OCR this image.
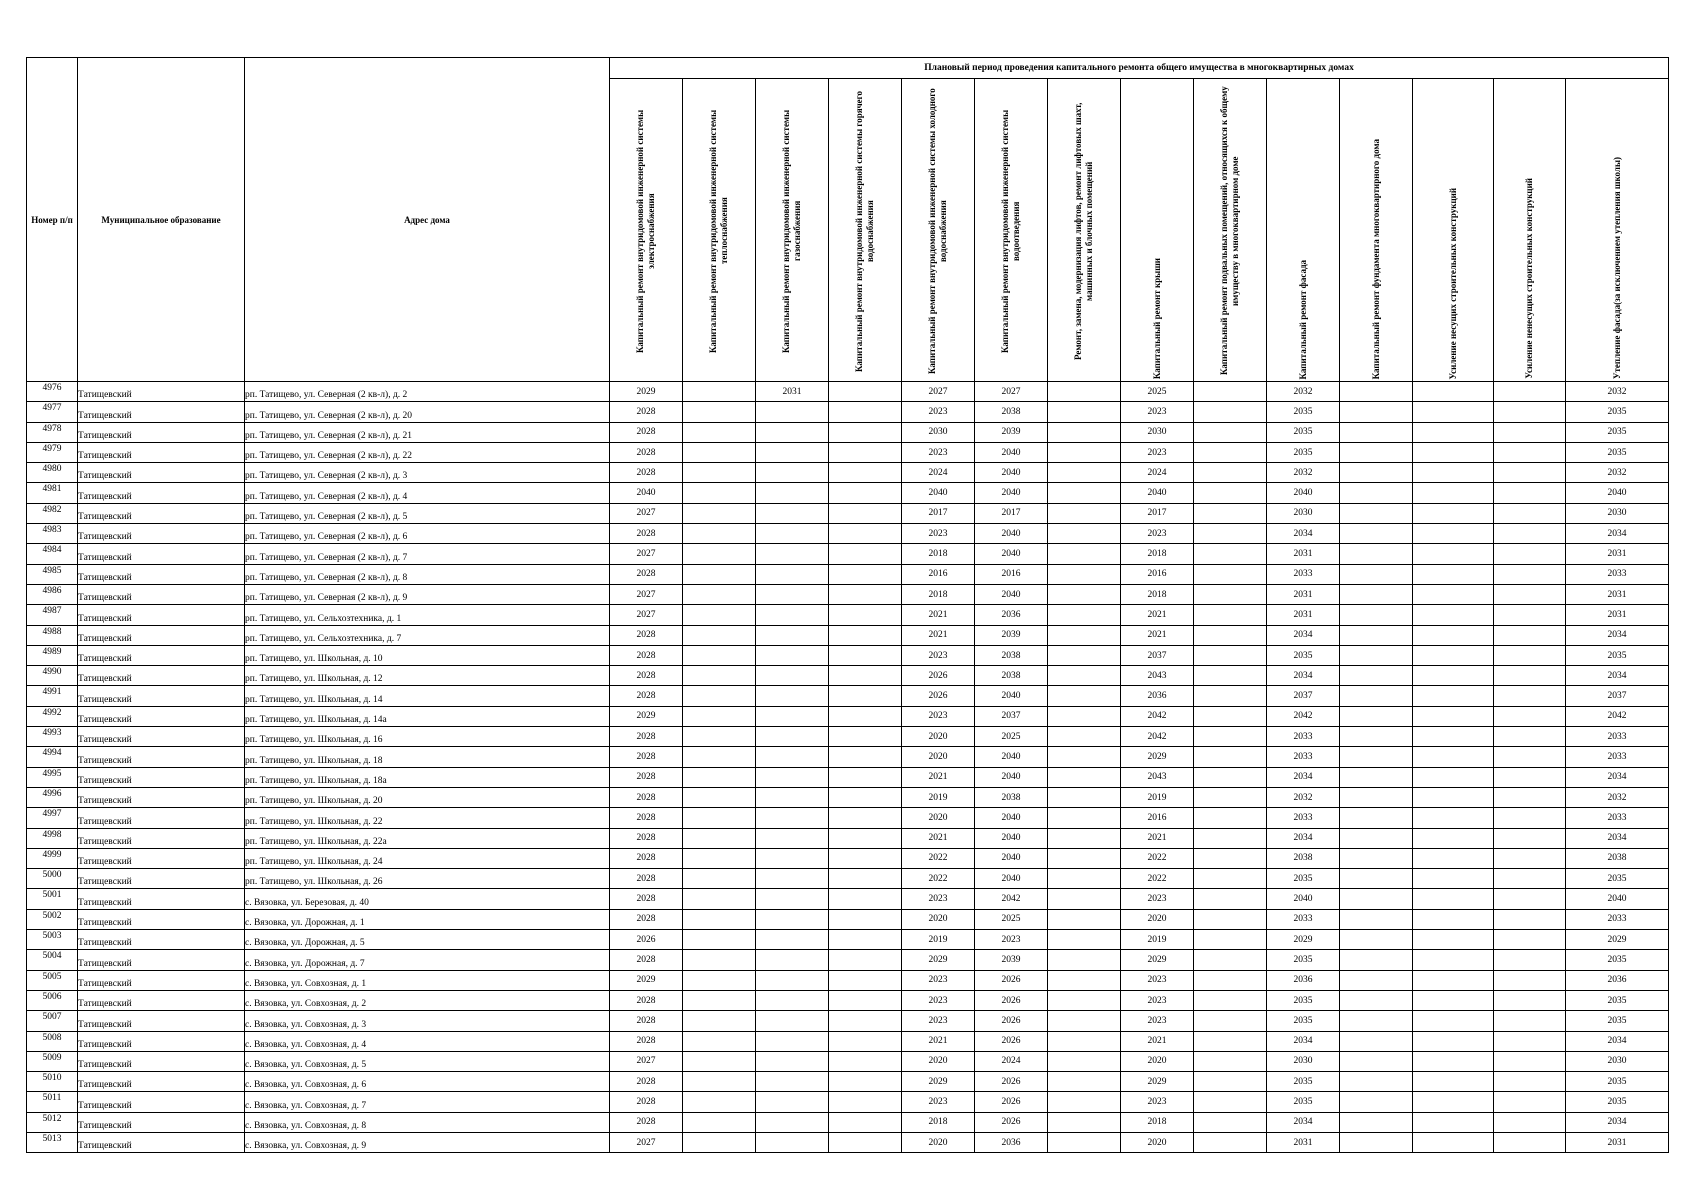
Номер п/п	Муниципальное образование	Адрес дома	Плановый период проведения капитального ремонта общего имущества в многоквартирных домах													
			Капитальный ремонт внутридомовой инженерной системы электроснабжения	Капитальный ремонт внутридомовой инженерной системы теплоснабжения	Капитальный ремонт внутридомовой инженерной системы газоснабжения	Капитальный ремонт внутридомовой инженерной системы горячего водоснабжения	Капитальный ремонт внутридомовой инженерной системы холодного водоснабжения	Капитальный ремонт внутридомовой инженерной системы водоотведения	Ремонт, замена, модернизация лифтов, ремонт лифтовых шахт, машинных и блочных помещений	Капитальный ремонт крыши	Капитальный ремонт подвальных помещений, относящихся к общему имуществу в многоквартирном доме	Капитальный ремонт фасада	Капитальный ремонт фундамента многоквартирного дома	Усиление несущих строительных конструкций	Усиление ненесущих строительных конструкций	Утепление фасада(за исключением утепления школы)
4976	Татищевский	рп. Татищево, ул. Северная (2 кв-л), д. 2	2029		2031		2027	2027		2025		2032				2032
4977	Татищевский	рп. Татищево, ул. Северная (2 кв-л), д. 20	2028				2023	2038		2023		2035				2035
4978	Татищевский	рп. Татищево, ул. Северная (2 кв-л), д. 21	2028				2030	2039		2030		2035				2035
4979	Татищевский	рп. Татищево, ул. Северная (2 кв-л), д. 22	2028				2023	2040		2023		2035				2035
4980	Татищевский	рп. Татищево, ул. Северная (2 кв-л), д. 3	2028				2024	2040		2024		2032				2032
4981	Татищевский	рп. Татищево, ул. Северная (2 кв-л), д. 4	2040				2040	2040		2040		2040				2040
4982	Татищевский	рп. Татищево, ул. Северная (2 кв-л), д. 5	2027				2017	2017		2017		2030				2030
4983	Татищевский	рп. Татищево, ул. Северная (2 кв-л), д. 6	2028				2023	2040		2023		2034				2034
4984	Татищевский	рп. Татищево, ул. Северная (2 кв-л), д. 7	2027				2018	2040		2018		2031				2031
4985	Татищевский	рп. Татищево, ул. Северная (2 кв-л), д. 8	2028				2016	2016		2016		2033				2033
4986	Татищевский	рп. Татищево, ул. Северная (2 кв-л), д. 9	2027				2018	2040		2018		2031				2031
4987	Татищевский	рп. Татищево, ул. Сельхозтехника, д. 1	2027				2021	2036		2021		2031				2031
4988	Татищевский	рп. Татищево, ул. Сельхозтехника, д. 7	2028				2021	2039		2021		2034				2034
4989	Татищевский	рп. Татищево, ул. Школьная, д. 10	2028				2023	2038		2037		2035				2035
4990	Татищевский	рп. Татищево, ул. Школьная, д. 12	2028				2026	2038		2043		2034				2034
4991	Татищевский	рп. Татищево, ул. Школьная, д. 14	2028				2026	2040		2036		2037				2037
4992	Татищевский	рп. Татищево, ул. Школьная, д. 14а	2029				2023	2037		2042		2042				2042
4993	Татищевский	рп. Татищево, ул. Школьная, д. 16	2028				2020	2025		2042		2033				2033
4994	Татищевский	рп. Татищево, ул. Школьная, д. 18	2028				2020	2040		2029		2033				2033
4995	Татищевский	рп. Татищево, ул. Школьная, д. 18а	2028				2021	2040		2043		2034				2034
4996	Татищевский	рп. Татищево, ул. Школьная, д. 20	2028				2019	2038		2019		2032				2032
4997	Татищевский	рп. Татищево, ул. Школьная, д. 22	2028				2020	2040		2016		2033				2033
4998	Татищевский	рп. Татищево, ул. Школьная, д. 22а	2028				2021	2040		2021		2034				2034
4999	Татищевский	рп. Татищево, ул. Школьная, д. 24	2028				2022	2040		2022		2038				2038
5000	Татищевский	рп. Татищево, ул. Школьная, д. 26	2028				2022	2040		2022		2035				2035
5001	Татищевский	с. Вязовка, ул. Березовая, д. 40	2028				2023	2042		2023		2040				2040
5002	Татищевский	с. Вязовка, ул. Дорожная, д. 1	2028				2020	2025		2020		2033				2033
5003	Татищевский	с. Вязовка, ул. Дорожная, д. 5	2026				2019	2023		2019		2029				2029
5004	Татищевский	с. Вязовка, ул. Дорожная, д. 7	2028				2029	2039		2029		2035				2035
5005	Татищевский	с. Вязовка, ул. Совхозная, д. 1	2029				2023	2026		2023		2036				2036
5006	Татищевский	с. Вязовка, ул. Совхозная, д. 2	2028				2023	2026		2023		2035				2035
5007	Татищевский	с. Вязовка, ул. Совхозная, д. 3	2028				2023	2026		2023		2035				2035
5008	Татищевский	с. Вязовка, ул. Совхозная, д. 4	2028				2021	2026		2021		2034				2034
5009	Татищевский	с. Вязовка, ул. Совхозная, д. 5	2027				2020	2024		2020		2030				2030
5010	Татищевский	с. Вязовка, ул. Совхозная, д. 6	2028				2029	2026		2029		2035				2035
5011	Татищевский	с. Вязовка, ул. Совхозная, д. 7	2028				2023	2026		2023		2035				2035
5012	Татищевский	с. Вязовка, ул. Совхозная, д. 8	2028				2018	2026		2018		2034				2034
5013	Татищевский	с. Вязовка, ул. Совхозная, д. 9	2027				2020	2036		2020		2031				2031
